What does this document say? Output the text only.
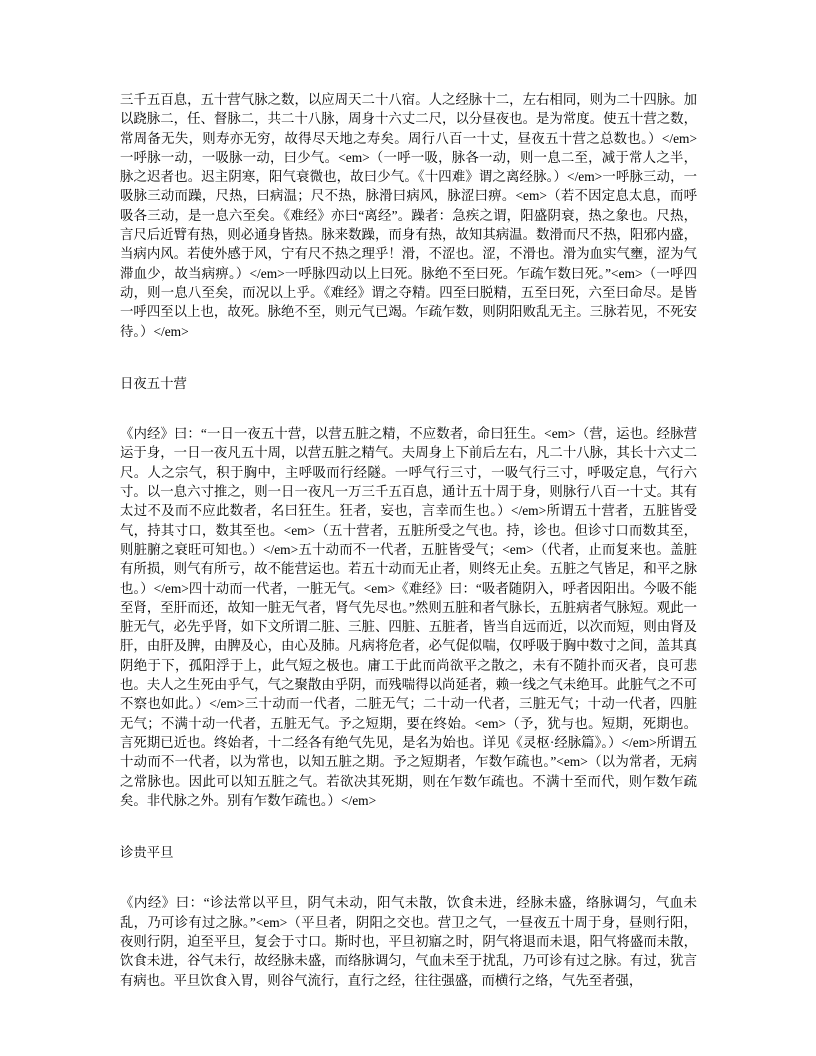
三千五百息，五十营气脉之数，以应周天二十八宿。人之经脉十二，左右相同，则为二十四脉。加以跷脉二，任、督脉二，共二十八脉，周身十六丈二尺，以分昼夜也。是为常度。使五十营之数，常周备无失，则寿亦无穷，故得尽天地之寿矣。周行八百一十丈，昼夜五十营之总数也。）</em>一呼脉一动，一吸脉一动，曰少气。<em>（一呼一吸，脉各一动，则一息二至，减于常人之半，脉之迟者也。迟主阴寒，阳气衰微也，故曰少气。《十四难》谓之离经脉。）</em>一呼脉三动，一吸脉三动而躁，尺热，曰病温；尺不热，脉滑曰病风，脉涩曰痹。<em>（若不因定息太息，而呼吸各三动，是一息六至矣。《难经》亦曰“离经”。躁者：急疾之谓，阳盛阴衰，热之象也。尺热，言尺后近臂有热，则必通身皆热。脉来数躁，而身有热，故知其病温。数滑而尺不热，阳邪内盛，当病内风。若使外感于风，宁有尺不热之理乎！滑，不涩也。涩，不滑也。滑为血实气壅，涩为气滞血少，故当病痹。）</em>一呼脉四动以上曰死。脉绝不至曰死。乍疏乍数曰死。”<em>（一呼四动，则一息八至矣，而况以上乎。《难经》谓之夺精。四至曰脱精，五至曰死，六至曰命尽。是皆一呼四至以上也，故死。脉绝不至，则元气已竭。乍疏乍数，则阴阳败乱无主。三脉若见，不死安待。）</em>

日夜五十营

《内经》曰：“一日一夜五十营，以营五脏之精，不应数者，命曰狂生。<em>（营，运也。经脉营运于身，一日一夜凡五十周，以营五脏之精气。夫周身上下前后左右，凡二十八脉，其长十六丈二尺。人之宗气，积于胸中，主呼吸而行经隧。一呼气行三寸，一吸气行三寸，呼吸定息，气行六寸。以一息六寸推之，则一日一夜凡一万三千五百息，通计五十周于身，则脉行八百一十丈。其有太过不及而不应此数者，名曰狂生。狂者，妄也，言幸而生也。）</em>所谓五十营者，五脏皆受气，持其寸口，数其至也。<em>（五十营者，五脏所受之气也。持，诊也。但诊寸口而数其至，则脏腑之衰旺可知也。）</em>五十动而不一代者，五脏皆受气；<em>（代者，止而复来也。盖脏有所损，则气有所亏，故不能营运也。若五十动而无止者，则终无止矣。五脏之气皆足，和平之脉也。）</em>四十动而一代者，一脏无气。<em>《难经》曰：“吸者随阴入，呼者因阳出。今吸不能至肾，至肝而还，故知一脏无气者，肾气先尽也。”然则五脏和者气脉长，五脏病者气脉短。观此一脏无气，必先乎肾，如下文所谓二脏、三脏、四脏、五脏者，皆当自远而近，以次而短，则由肾及肝，由肝及脾，由脾及心，由心及肺。凡病将危者，必气促似喘，仅呼吸于胸中数寸之间，盖其真阴绝于下，孤阳浮于上，此气短之极也。庸工于此而尚欲平之散之，未有不随扑而灭者，良可悲也。夫人之生死由乎气，气之聚散由乎阴，而残喘得以尚延者，赖一线之气未绝耳。此脏气之不可不察也如此。）</em>三十动而一代者，二脏无气；二十动一代者，三脏无气；十动一代者，四脏无气；不满十动一代者，五脏无气。予之短期，要在终始。<em>（予，犹与也。短期，死期也。言死期已近也。终始者，十二经各有绝气先见，是名为始也。详见《灵枢·经脉篇》。）</em>所谓五十动而不一代者，以为常也，以知五脏之期。予之短期者，乍数乍疏也。”<em>（以为常者，无病之常脉也。因此可以知五脏之气。若欲决其死期，则在乍数乍疏也。不满十至而代，则乍数乍疏矣。非代脉之外。别有乍数乍疏也。）</em>

诊贵平旦

《内经》曰：“诊法常以平旦，阴气未动，阳气未散，饮食未进，经脉未盛，络脉调匀，气血未乱，乃可诊有过之脉。”<em>（平旦者，阴阳之交也。营卫之气，一昼夜五十周于身，昼则行阳，夜则行阴，迫至平旦，复会于寸口。斯时也，平旦初寤之时，阴气将退而未退，阳气将盛而未散，饮食未进，谷气未行，故经脉未盛，而络脉调匀，气血未至于扰乱，乃可诊有过之脉。有过，犹言有病也。平旦饮食入胃，则谷气流行，直行之经，往往强盛，而横行之络，气先至者强，
